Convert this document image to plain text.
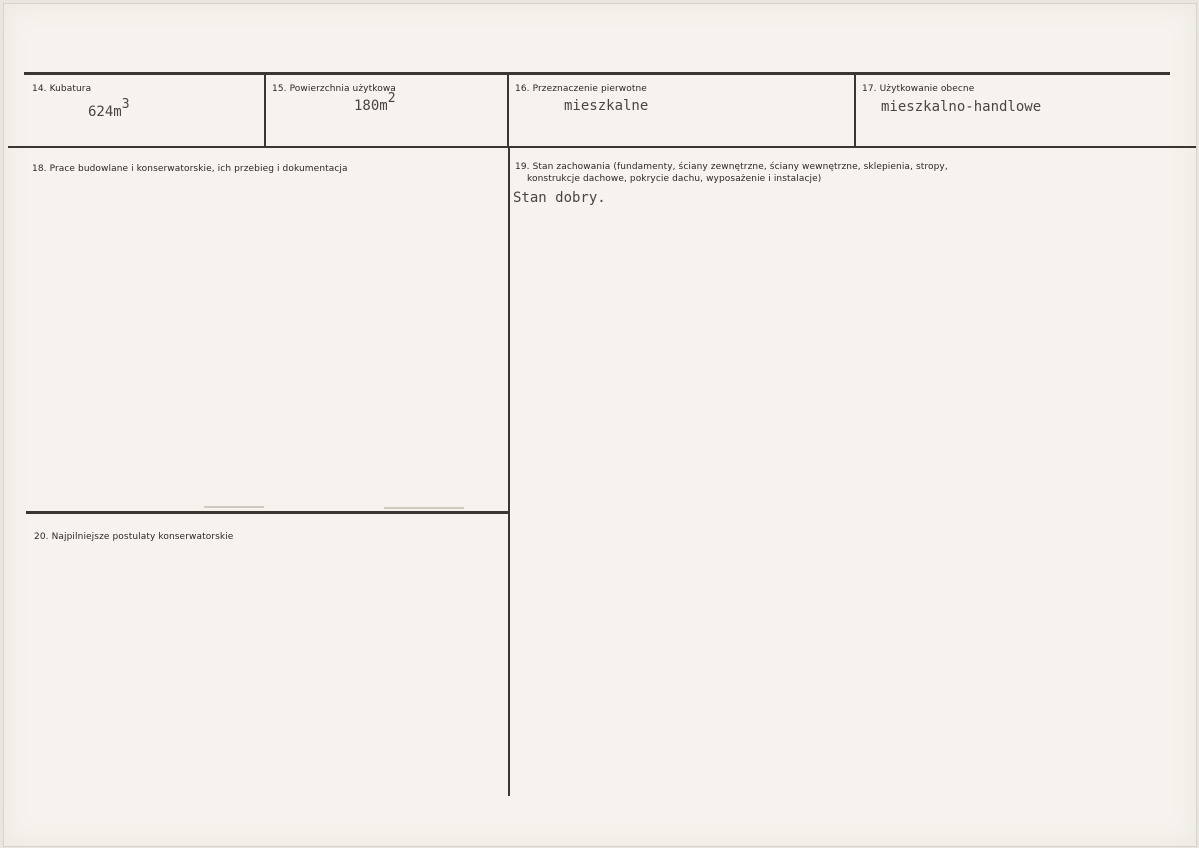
14. Kubatura
624m3
15. Powierzchnia użytkowa
180m2
16. Przeznaczenie pierwotne
mieszkalne
17. Użytkowanie obecne
mieszkalno-handlowe
18. Prace budowlane i konserwatorskie, ich przebieg i dokumentacja	19. Stan zachowania (fundamenty, ściany zewnętrzne, ściany wewnętrzne, sklepienia, stropy,
konstrukcje dachowe, pokrycie dachu, wyposażenie i instalacje)
Stan dobry.
20. Najpilniejsze postulaty konserwatorskie
